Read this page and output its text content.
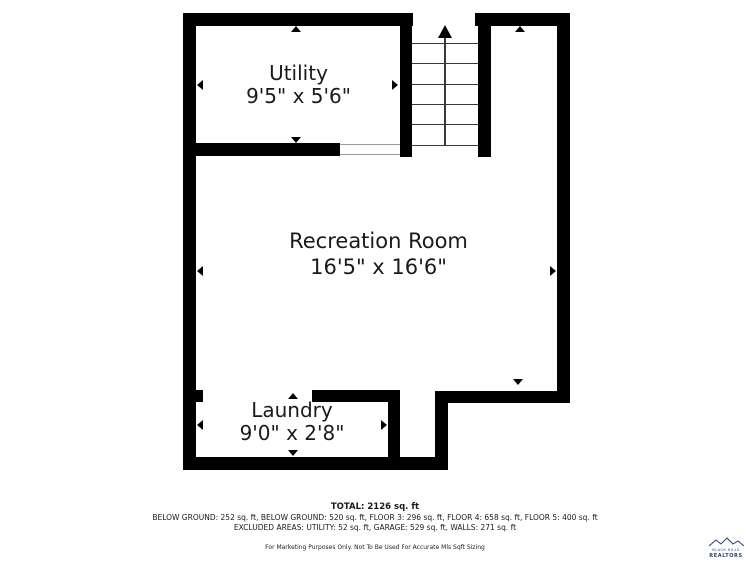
Utility
9'5" x 5'6"
Recreation Room
16'5" x 16'6"
Laundry
9'0" x 2'8"
TOTAL: 2126 sq. ft
BELOW GROUND: 252 sq. ft, BELOW GROUND: 520 sq. ft, FLOOR 3: 296 sq. ft, FLOOR 4: 658 sq. ft, FLOOR 5: 400 sq. ft
EXCLUDED AREAS: UTILITY: 52 sq. ft, GARAGE: 529 sq. ft, WALLS: 271 sq. ft
For Marketing Purposes Only. Not To Be Used For Accurate Mls Sqft Sizing	BLACK HILLS
REALTORS
